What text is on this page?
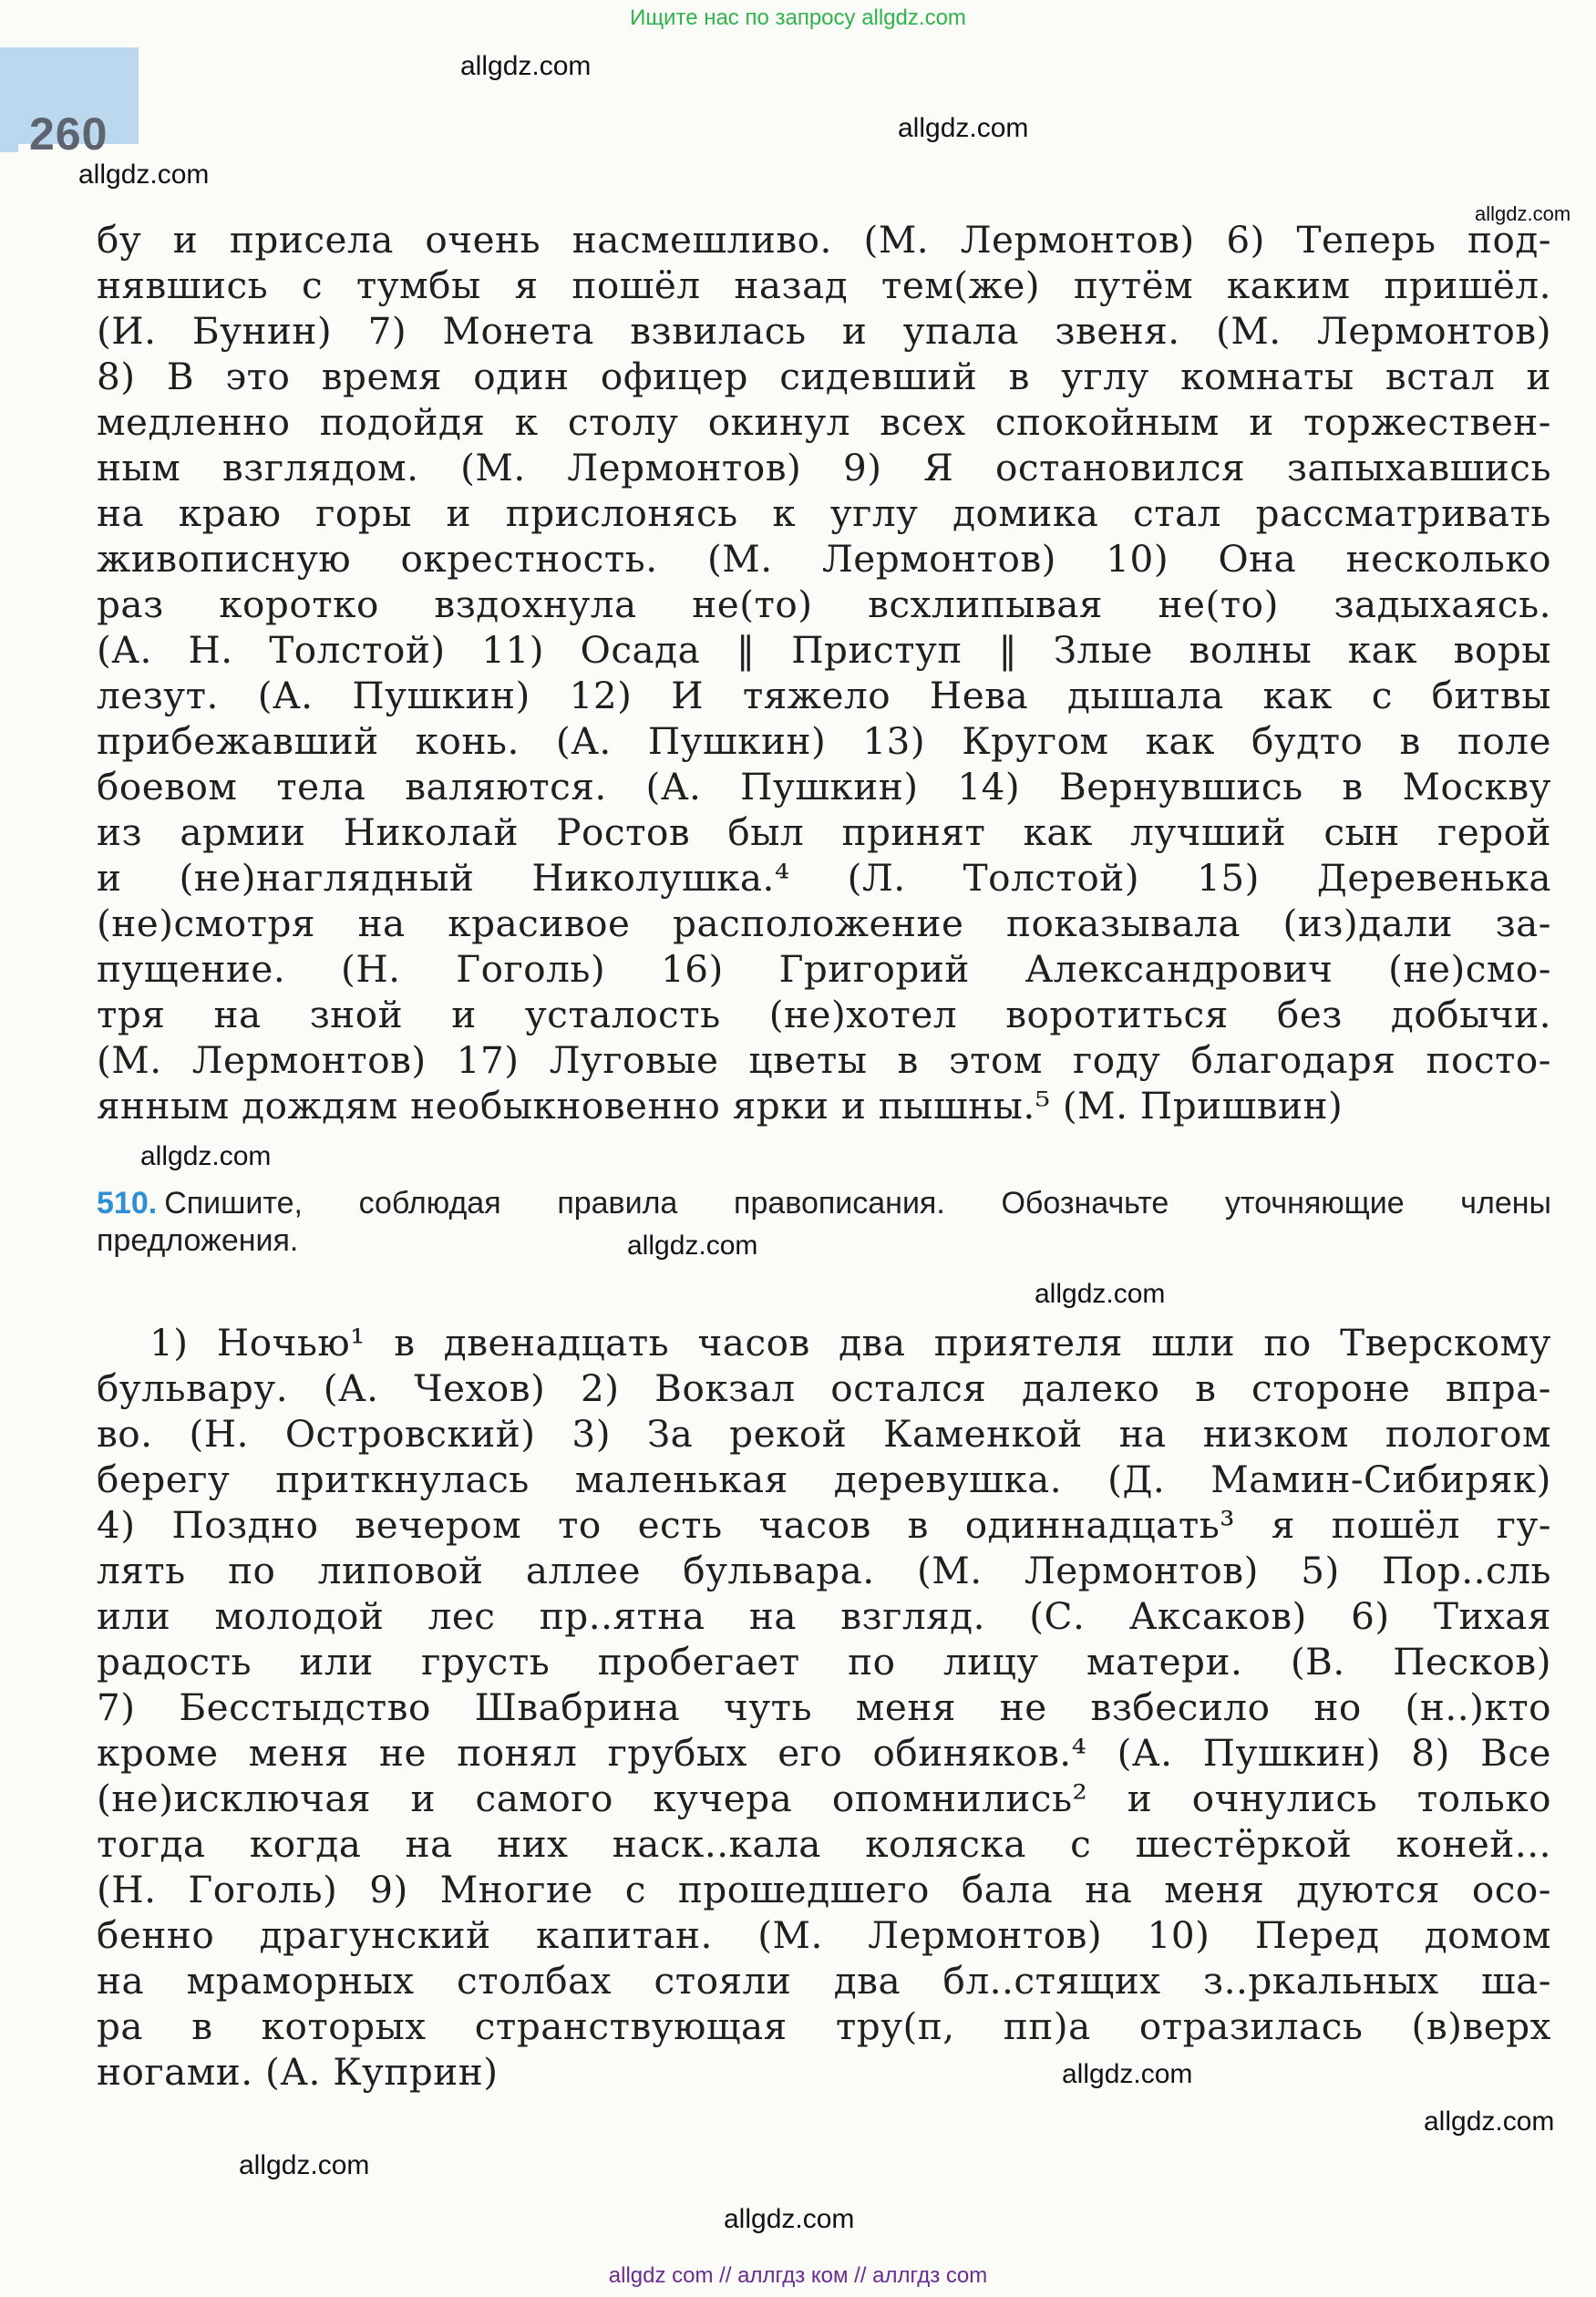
Ищите нас по запросу allgdz.com
260
allgdz.com
allgdz.com
allgdz.com
allgdz.com
allgdz.com
allgdz.com
allgdz.com
allgdz.com
allgdz.com
allgdz.com
allgdz.com
бу и присела очень насмешливо. (М. Лермонтов) 6) Теперь под-
нявшись с тумбы я пошёл назад тем(же) путём каким пришёл.
(И. Бунин) 7) Монета взвилась и упала звеня. (М. Лермонтов)
8) В это время один офицер сидевший в углу комнаты встал и
медленно подойдя к столу окинул всех спокойным и торжествен-
ным взглядом. (М. Лермонтов) 9) Я остановился запыхавшись
на краю горы и прислонясь к углу домика стал рассматривать
живописную окрестность. (М. Лермонтов) 10) Она несколько
раз коротко вздохнула не(то) всхлипывая не(то) задыхаясь.
(А. Н. Толстой) 11) Осада ‖ Приступ ‖ Злые волны как воры
лезут. (А. Пушкин) 12) И тяжело Нева дышала как с битвы
прибежавший конь. (А. Пушкин) 13) Кругом как будто в поле
боевом тела валяются. (А. Пушкин) 14) Вернувшись в Москву
из армии Николай Ростов был принят как лучший сын герой
и (не)наглядный Николушка.⁴ (Л. Толстой) 15) Деревенька
(не)смотря на красивое расположение показывала (из)дали за-
пущение. (Н. Гоголь) 16) Григорий Александрович (не)смо-
тря на зной и усталость (не)хотел воротиться без добычи.
(М. Лермонтов) 17) Луговые цветы в этом году благодаря посто-
янным дождям необыкновенно ярки и пышны.⁵ (М. Пришвин)
510. Спишите, соблюдая правила правописания. Обозначьте уточняющие члены
предложения.
1) Ночью¹ в двенадцать часов два приятеля шли по Тверскому
бульвару. (А. Чехов) 2) Вокзал остался далеко в стороне впра-
во. (Н. Островский) 3) За рекой Каменкой на низком пологом
берегу приткнулась маленькая деревушка. (Д. Мамин-Сибиряк)
4) Поздно вечером то есть часов в одиннадцать³ я пошёл гу-
лять по липовой аллее бульвара. (М. Лермонтов) 5) Пор..сль
или молодой лес пр..ятна на взгляд. (С. Аксаков) 6) Тихая
радость или грусть пробегает по лицу матери. (В. Песков)
7) Бесстыдство Швабрина чуть меня не взбесило но (н..)кто
кроме меня не понял грубых его обиняков.⁴ (А. Пушкин) 8) Все
(не)исключая и самого кучера опомнились² и очнулись только
тогда когда на них наск..кала коляска с шестёркой коней...
(Н. Гоголь) 9) Многие с прошедшего бала на меня дуются осо-
бенно драгунский капитан. (М. Лермонтов) 10) Перед домом
на мраморных столбах стояли два бл..стящих з..ркальных ша-
ра в которых странствующая тру(п, пп)а отразилась (в)верх
ногами. (А. Куприн)
allgdz com // аллгдз ком // аллгдз com
